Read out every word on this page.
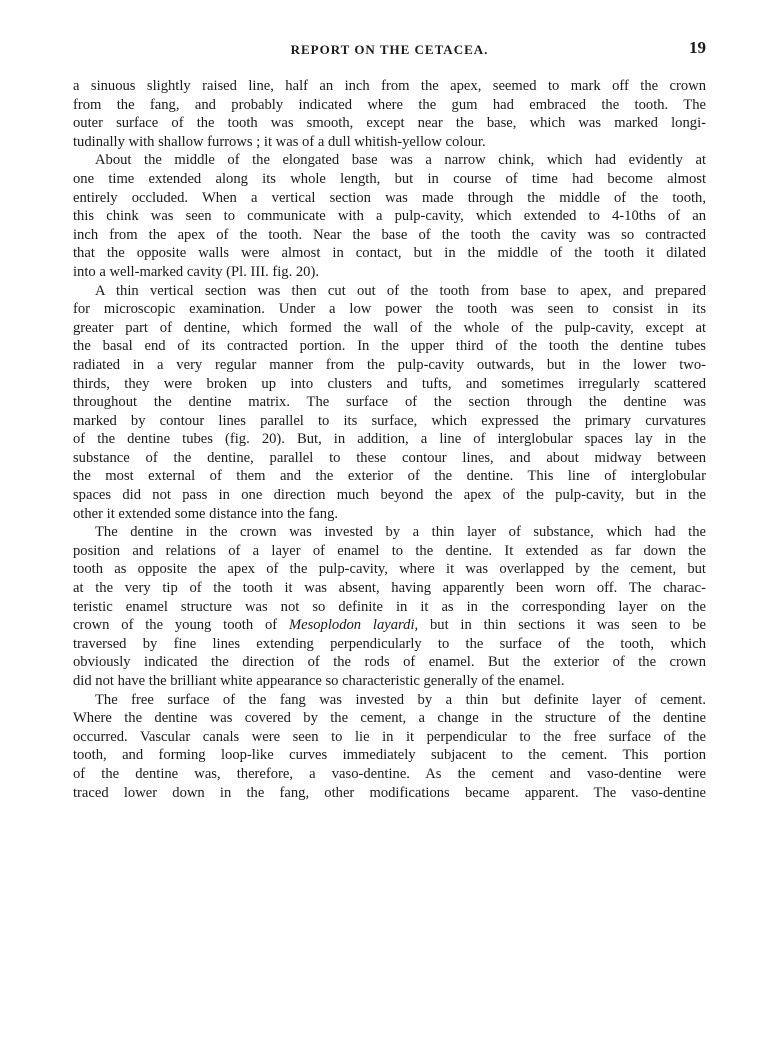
REPORT ON THE CETACEA.	19

a sinuous slightly raised line, half an inch from the apex, seemed to mark off the crown
from the fang, and probably indicated where the gum had embraced the tooth. The
outer surface of the tooth was smooth, except near the base, which was marked longi-
tudinally with shallow furrows ; it was of a dull whitish-yellow colour.

About the middle of the elongated base was a narrow chink, which had evidently at
one time extended along its whole length, but in course of time had become almost
entirely occluded. When a vertical section was made through the middle of the tooth,
this chink was seen to communicate with a pulp-cavity, which extended to 4-10ths of an
inch from the apex of the tooth. Near the base of the tooth the cavity was so contracted
that the opposite walls were almost in contact, but in the middle of the tooth it dilated
into a well-marked cavity (Pl. III. fig. 20).

A thin vertical section was then cut out of the tooth from base to apex, and prepared
for microscopic examination. Under a low power the tooth was seen to consist in its
greater part of dentine, which formed the wall of the whole of the pulp-cavity, except at
the basal end of its contracted portion. In the upper third of the tooth the dentine tubes
radiated in a very regular manner from the pulp-cavity outwards, but in the lower two-
thirds, they were broken up into clusters and tufts, and sometimes irregularly scattered
throughout the dentine matrix. The surface of the section through the dentine was
marked by contour lines parallel to its surface, which expressed the primary curvatures
of the dentine tubes (fig. 20). But, in addition, a line of interglobular spaces lay in the
substance of the dentine, parallel to these contour lines, and about midway between
the most external of them and the exterior of the dentine. This line of interglobular
spaces did not pass in one direction much beyond the apex of the pulp-cavity, but in the
other it extended some distance into the fang.

The dentine in the crown was invested by a thin layer of substance, which had the
position and relations of a layer of enamel to the dentine. It extended as far down the
tooth as opposite the apex of the pulp-cavity, where it was overlapped by the cement, but
at the very tip of the tooth it was absent, having apparently been worn off. The charac-
teristic enamel structure was not so definite in it as in the corresponding layer on the
crown of the young tooth of Mesoplodon layardi, but in thin sections it was seen to be
traversed by fine lines extending perpendicularly to the surface of the tooth, which
obviously indicated the direction of the rods of enamel. But the exterior of the crown
did not have the brilliant white appearance so characteristic generally of the enamel.

The free surface of the fang was invested by a thin but definite layer of cement.
Where the dentine was covered by the cement, a change in the structure of the dentine
occurred. Vascular canals were seen to lie in it perpendicular to the free surface of the
tooth, and forming loop-like curves immediately subjacent to the cement. This portion
of the dentine was, therefore, a vaso-dentine. As the cement and vaso-dentine were
traced lower down in the fang, other modifications became apparent. The vaso-dentine
